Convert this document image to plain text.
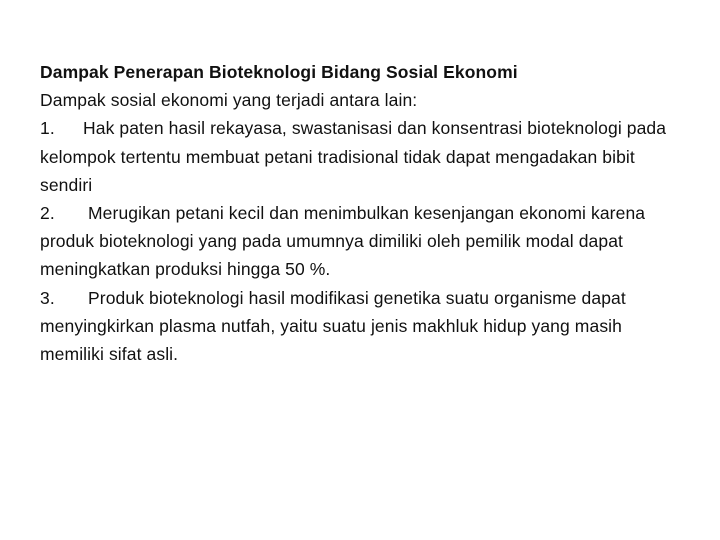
Dampak Penerapan Bioteknologi Bidang Sosial Ekonomi

Dampak sosial ekonomi yang terjadi antara lain:

1. Hak paten hasil rekayasa, swastanisasi dan konsentrasi bioteknologi pada kelompok tertentu membuat petani tradisional tidak dapat mengadakan bibit sendiri

2. Merugikan petani kecil dan menimbulkan kesenjangan ekonomi karena produk bioteknologi yang pada umumnya dimiliki oleh pemilik modal dapat meningkatkan produksi hingga 50 %.

3. Produk bioteknologi hasil modifikasi genetika suatu organisme dapat menyingkirkan plasma nutfah, yaitu suatu jenis makhluk hidup yang masih memiliki sifat asli.
